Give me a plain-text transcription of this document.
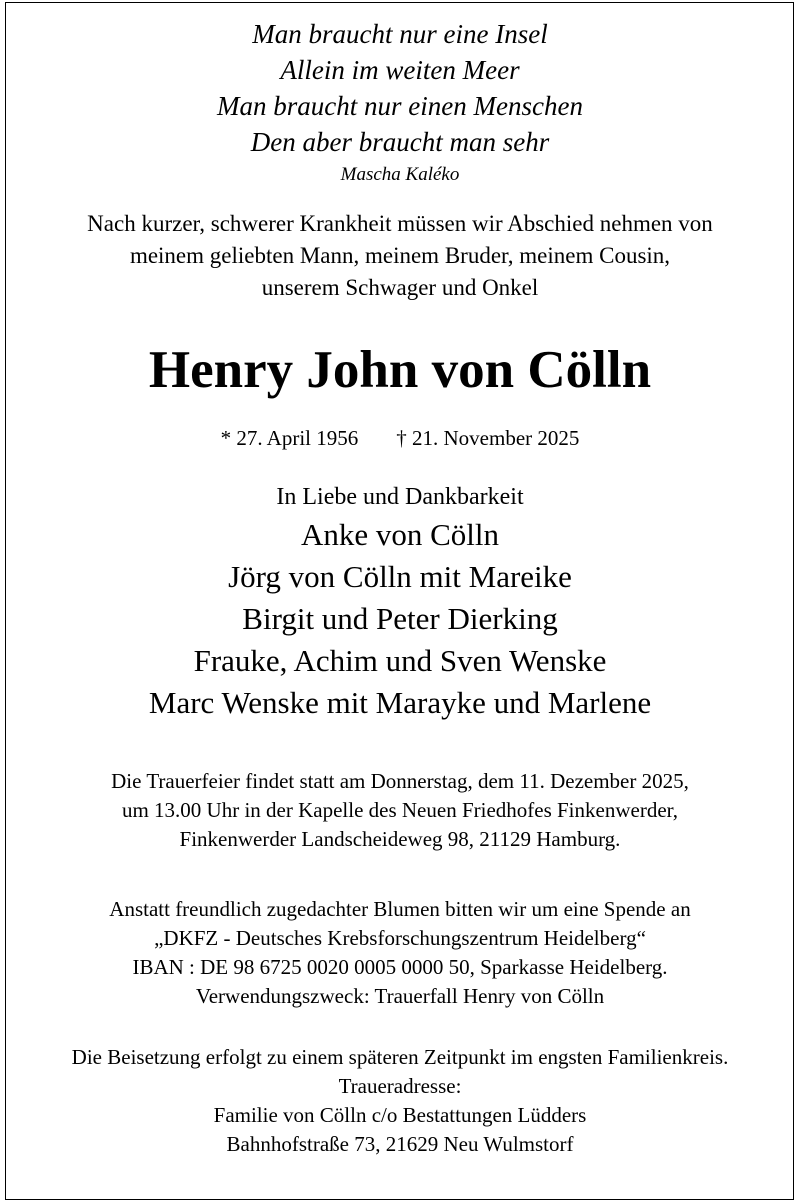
Man braucht nur eine Insel
Allein im weiten Meer
Man braucht nur einen Menschen
Den aber braucht man sehr
Mascha Kaléko
Nach kurzer, schwerer Krankheit müssen wir Abschied nehmen von
meinem geliebten Mann, meinem Bruder, meinem Cousin,
unserem Schwager und Onkel
Henry John von Cölln
* 27. April 1956 † 21. November 2025
In Liebe und Dankbarkeit
Anke von Cölln
Jörg von Cölln mit Mareike
Birgit und Peter Dierking
Frauke, Achim und Sven Wenske
Marc Wenske mit Marayke und Marlene
Die Trauerfeier findet statt am Donnerstag, dem 11. Dezember 2025,
um 13.00 Uhr in der Kapelle des Neuen Friedhofes Finkenwerder,
Finkenwerder Landscheideweg 98, 21129 Hamburg.
Anstatt freundlich zugedachter Blumen bitten wir um eine Spende an
„DKFZ - Deutsches Krebsforschungszentrum Heidelberg“
IBAN : DE 98 6725 0020 0005 0000 50, Sparkasse Heidelberg.
Verwendungszweck: Trauerfall Henry von Cölln
Die Beisetzung erfolgt zu einem späteren Zeitpunkt im engsten Familienkreis.
Traueradresse:
Familie von Cölln c/o Bestattungen Lüdders
Bahnhofstraße 73, 21629 Neu Wulmstorf
